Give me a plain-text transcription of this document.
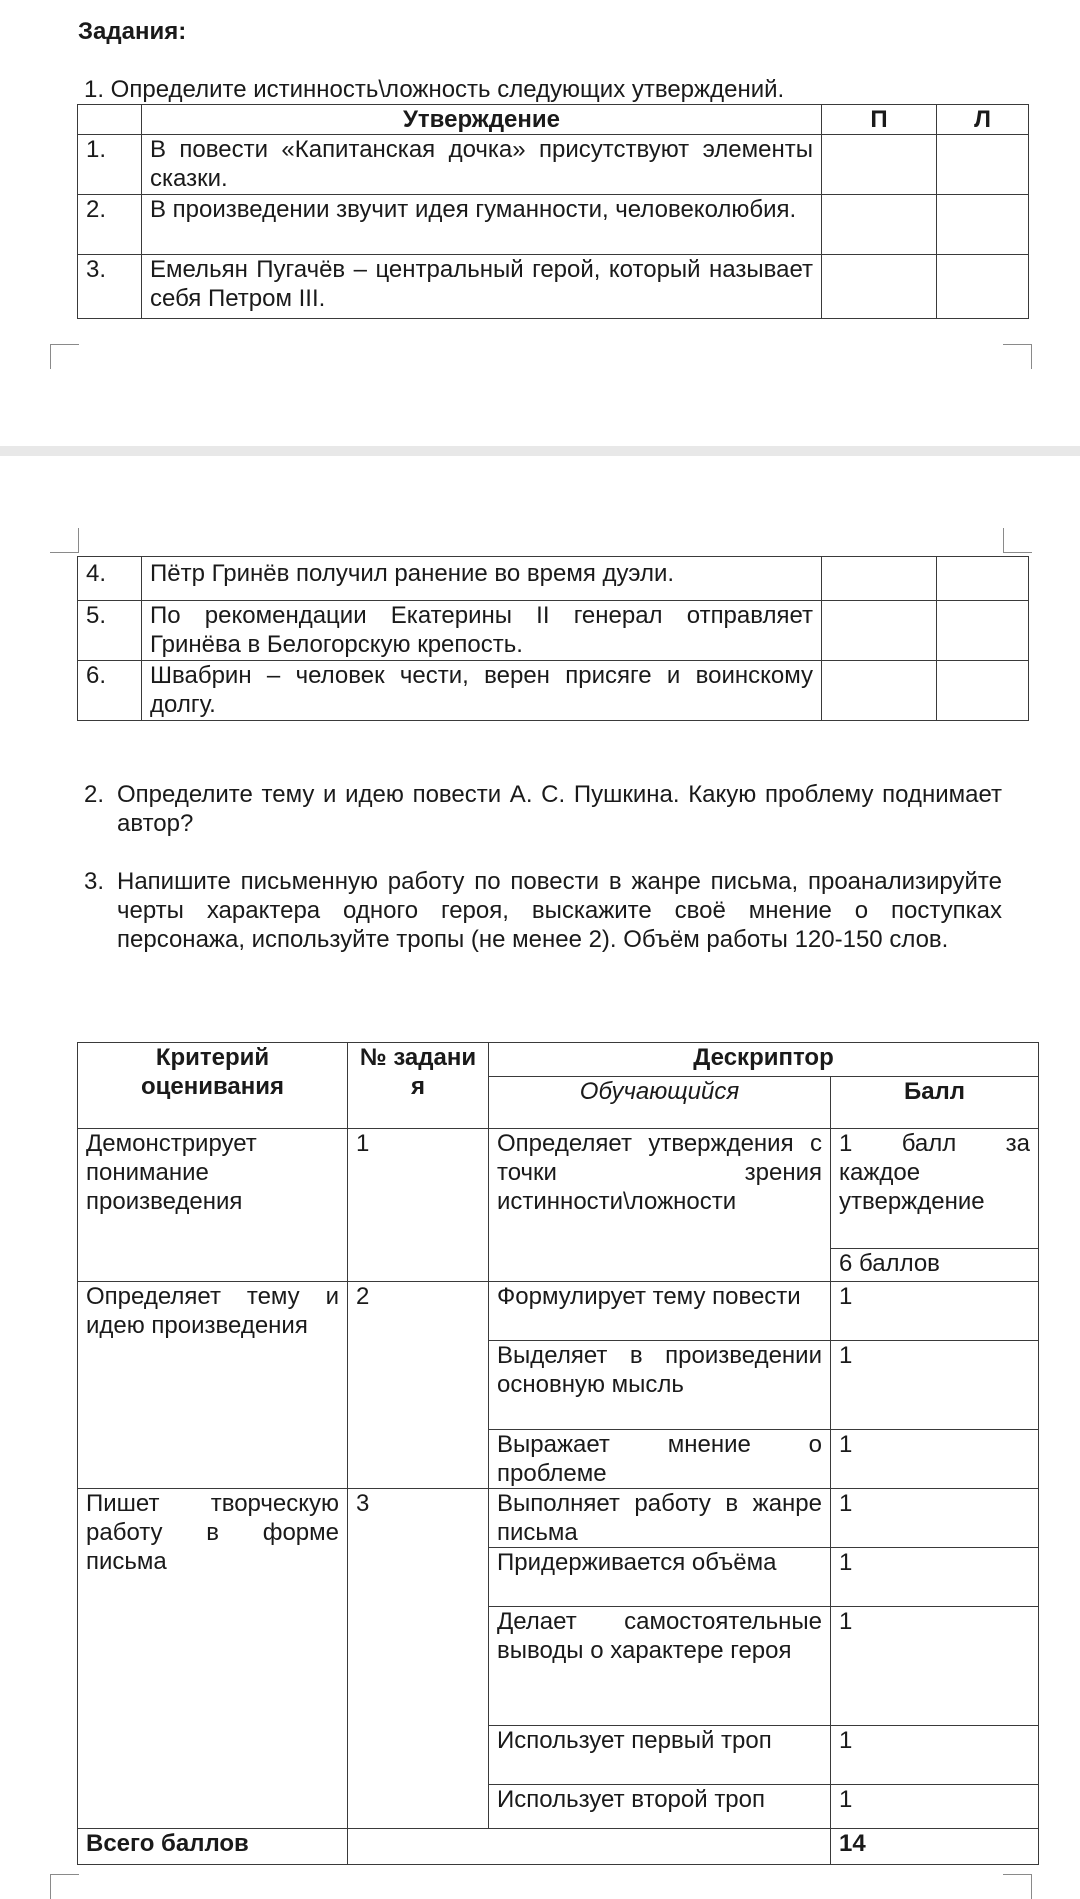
Задания:
1. Определите истинность\ложность следующих утверждений.
	Утверждение	П	Л
1.	В повести «Капитанская дочка» присутствуют элементы сказки.		
2.	В произведении звучит идея гуманности, человеколюбия.		
3.	Емельян Пугачёв – центральный герой, который называет себя Петром III.		
4.	Пётр Гринёв получил ранение во время дуэли.		
5.	По рекомендации Екатерины II генерал отправляет Гринёва в Белогорскую крепость.		
6.	Швабрин – человек чести, верен присяге и воинскому долгу.		
2. Определите тему и идею повести А. С. Пушкина. Какую проблему поднимает автор?
3. Напишите письменную работу по повести в жанре письма, проанализируйте черты характера одного героя, выскажите своё мнение о поступках персонажа, используйте тропы (не менее 2). Объём работы 120-150 слов.
Критерий оценивания	№ задани я	Дескриптор	
		Обучающийся	Балл
Демонстрирует понимание произведения	1	Определяет утверждения с точки зрения истинности\ложности	1 балл за каждое утверждение
			6 баллов
Определяет тему и идею произведения	2	Формулирует тему повести	1
		Выделяет в произведении основную мысль	1
		Выражает мнение о проблеме	1
Пишет творческую работу в форме письма	3	Выполняет работу в жанре письма	1
		Придерживается объёма	1
		Делает самостоятельные выводы о характере героя	1
		Использует первый троп	1
		Использует второй троп	1
Всего баллов			14
